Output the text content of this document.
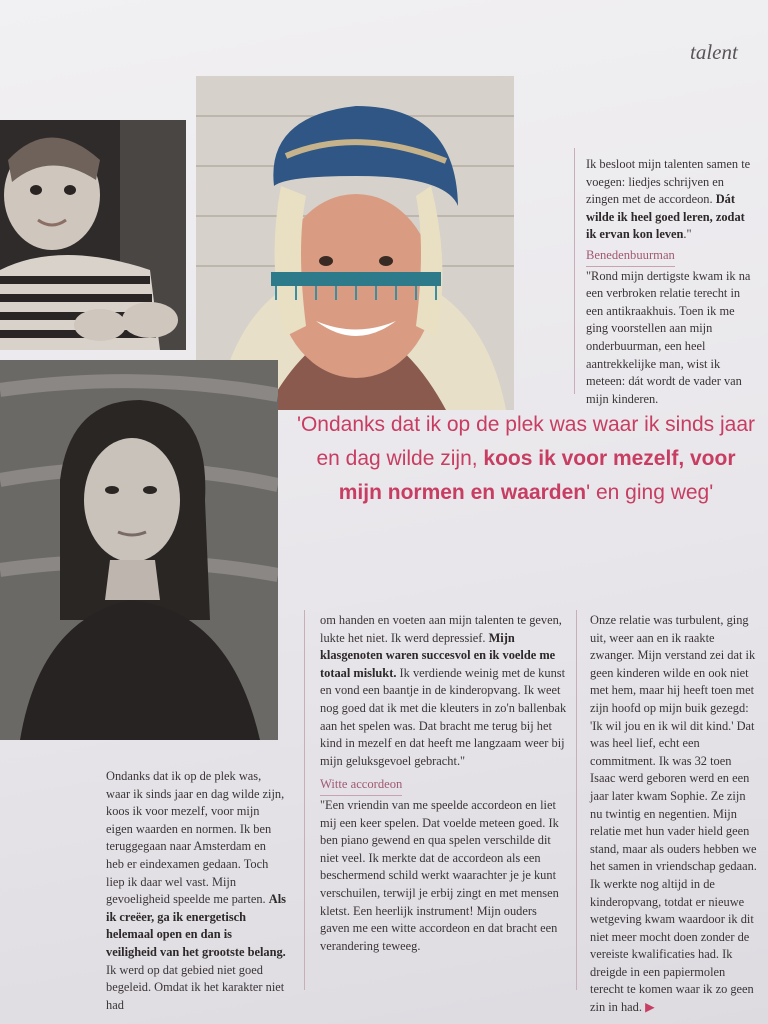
talent

Ik besloot mijn talenten samen te voegen: liedjes schrijven en zingen met de accordeon. Dát wilde ik heel goed leren, zodat ik ervan kon leven."

Benedenbuurman

"Rond mijn dertigste kwam ik na een verbroken relatie terecht in een antikraakhuis. Toen ik me ging voorstellen aan mijn onderbuurman, een heel aantrekkelijke man, wist ik meteen: dát wordt de vader van mijn kinderen.

'Ondanks dat ik op de plek was waar ik sinds jaar en dag wilde zijn, koos ik voor mezelf, voor mijn normen en waarden' en ging weg'

Ondanks dat ik op de plek was, waar ik sinds jaar en dag wilde zijn, koos ik voor mezelf, voor mijn eigen waarden en normen. Ik ben teruggegaan naar Amsterdam en heb er eindexamen gedaan. Toch liep ik daar wel vast. Mijn gevoeligheid speelde me parten. Als ik creëer, ga ik energetisch helemaal open en dan is veiligheid van het grootste belang. Ik werd op dat gebied niet goed begeleid. Omdat ik het karakter niet had

om handen en voeten aan mijn talenten te geven, lukte het niet. Ik werd depressief. Mijn klasgenoten waren succesvol en ik voelde me totaal mislukt. Ik verdiende weinig met de kunst en vond een baantje in de kinderopvang. Ik weet nog goed dat ik met die kleuters in zo'n ballenbak aan het spelen was. Dat bracht me terug bij het kind in mezelf en dat heeft me langzaam weer bij mijn geluksgevoel gebracht."

Witte accordeon

"Een vriendin van me speelde accordeon en liet mij een keer spelen. Dat voelde meteen goed. Ik ben piano gewend en qua spelen verschilde dit niet veel. Ik merkte dat de accordeon als een beschermend schild werkt waarachter je je kunt verschuilen, terwijl je erbij zingt en met mensen kletst. Een heerlijk instrument! Mijn ouders gaven me een witte accordeon en dat bracht een verandering teweeg.

Onze relatie was turbulent, ging uit, weer aan en ik raakte zwanger. Mijn verstand zei dat ik geen kinderen wilde en ook niet met hem, maar hij heeft toen met zijn hoofd op mijn buik gezegd: 'Ik wil jou en ik wil dit kind.' Dat was heel lief, echt een commitment. Ik was 32 toen Isaac werd geboren werd en een jaar later kwam Sophie. Ze zijn nu twintig en negentien. Mijn relatie met hun vader hield geen stand, maar als ouders hebben we het samen in vriendschap gedaan. Ik werkte nog altijd in de kinderopvang, totdat er nieuwe wetgeving kwam waardoor ik dit niet meer mocht doen zonder de vereiste kwalificaties had. Ik dreigde in een papiermolen terecht te komen waar ik zo geen zin in had. ▶
